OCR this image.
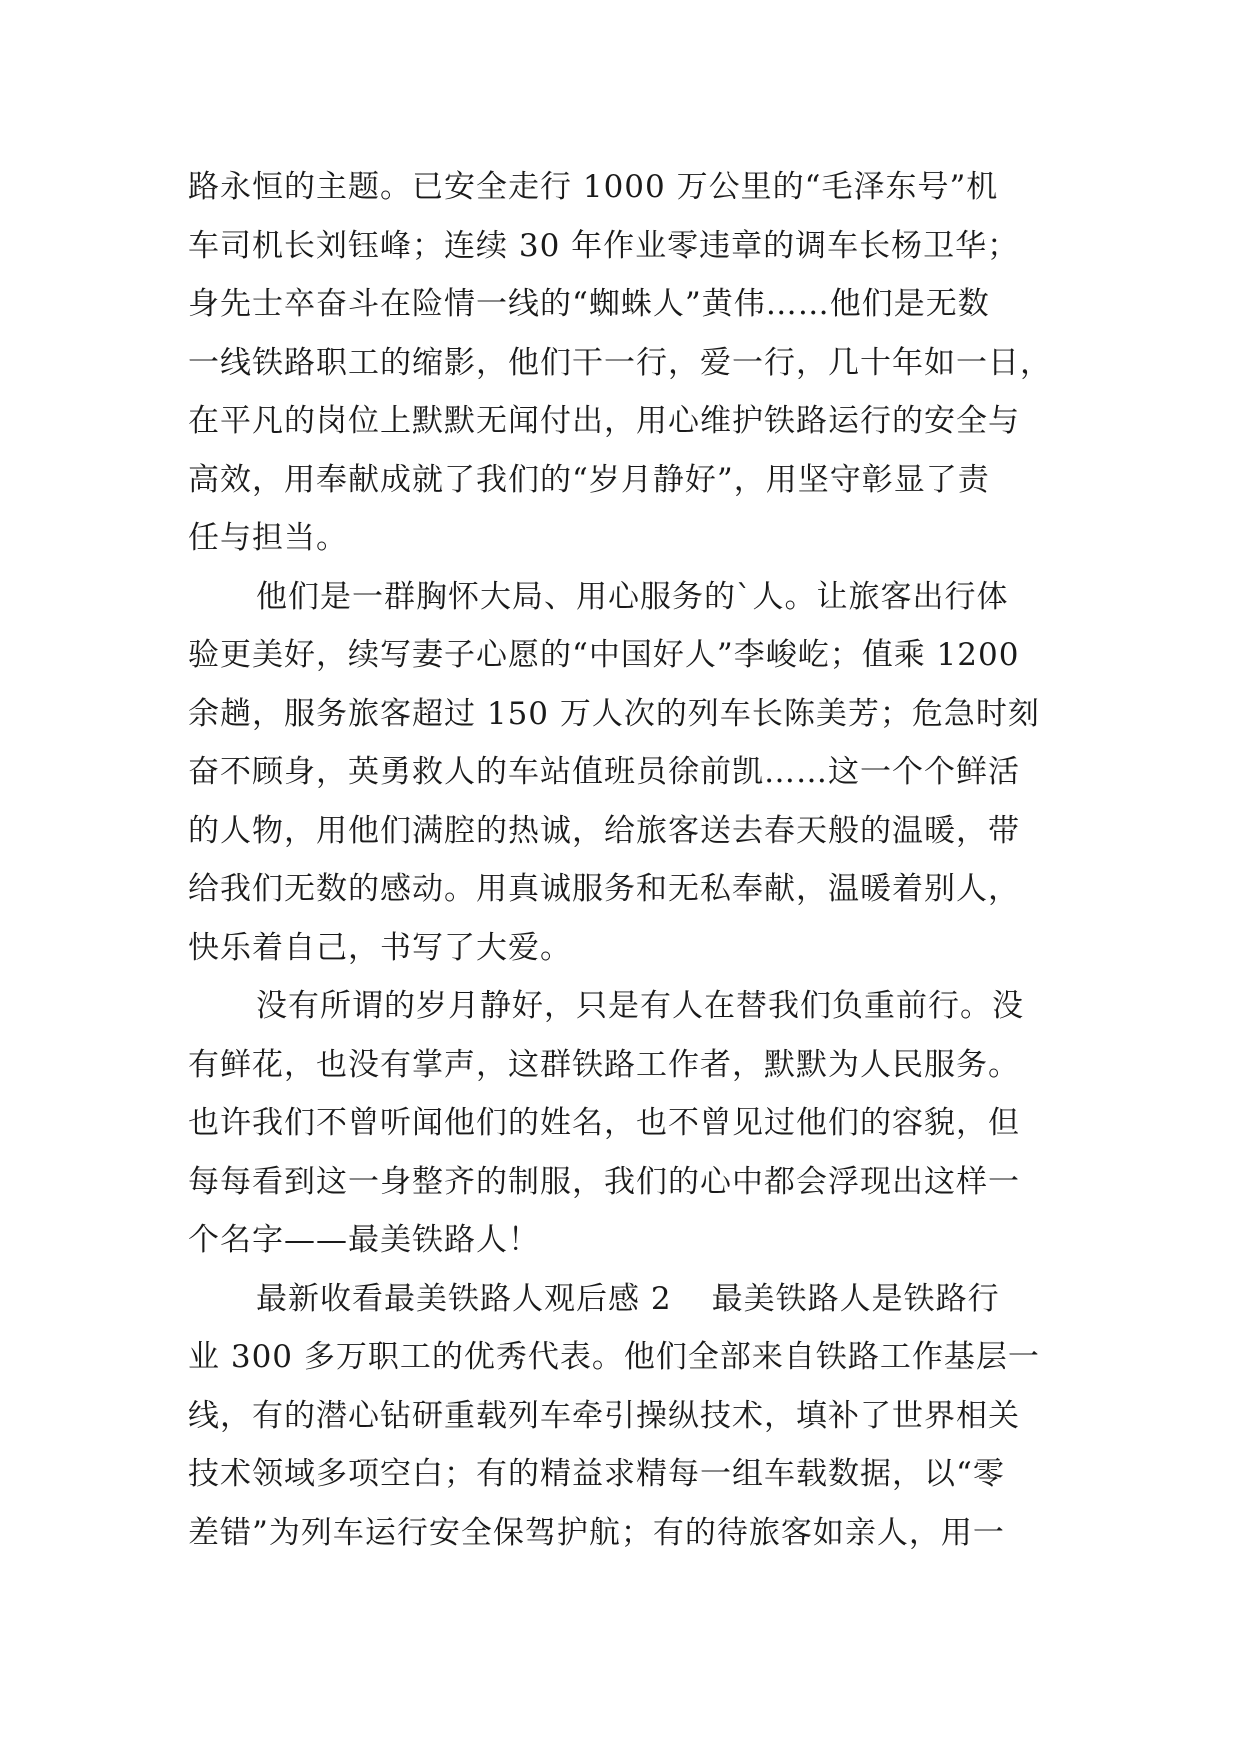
路永恒的主题。已安全走行 1000 万公里的“毛泽东号”机
车司机长刘钰峰；连续 30 年作业零违章的调车长杨卫华；
身先士卒奋斗在险情一线的“蜘蛛人”黄伟……他们是无数
一线铁路职工的缩影，他们干一行，爱一行，几十年如一日，
在平凡的岗位上默默无闻付出，用心维护铁路运行的安全与
高效，用奉献成就了我们的“岁月静好”，用坚守彰显了责
任与担当。
他们是一群胸怀大局、用心服务的`人。让旅客出行体
验更美好，续写妻子心愿的“中国好人”李峻屹；值乘 1200
余趟，服务旅客超过 150 万人次的列车长陈美芳；危急时刻
奋不顾身，英勇救人的车站值班员徐前凯……这一个个鲜活
的人物，用他们满腔的热诚，给旅客送去春天般的温暖，带
给我们无数的感动。用真诚服务和无私奉献，温暖着别人，
快乐着自己，书写了大爱。
没有所谓的岁月静好，只是有人在替我们负重前行。没
有鲜花，也没有掌声，这群铁路工作者，默默为人民服务。
也许我们不曾听闻他们的姓名，也不曾见过他们的容貌，但
每每看到这一身整齐的制服，我们的心中都会浮现出这样一
个名字——最美铁路人！
最新收看最美铁路人观后感 2 最美铁路人是铁路行
业 300 多万职工的优秀代表。他们全部来自铁路工作基层一
线，有的潜心钻研重载列车牵引操纵技术，填补了世界相关
技术领域多项空白；有的精益求精每一组车载数据，以“零
差错”为列车运行安全保驾护航；有的待旅客如亲人，用一
